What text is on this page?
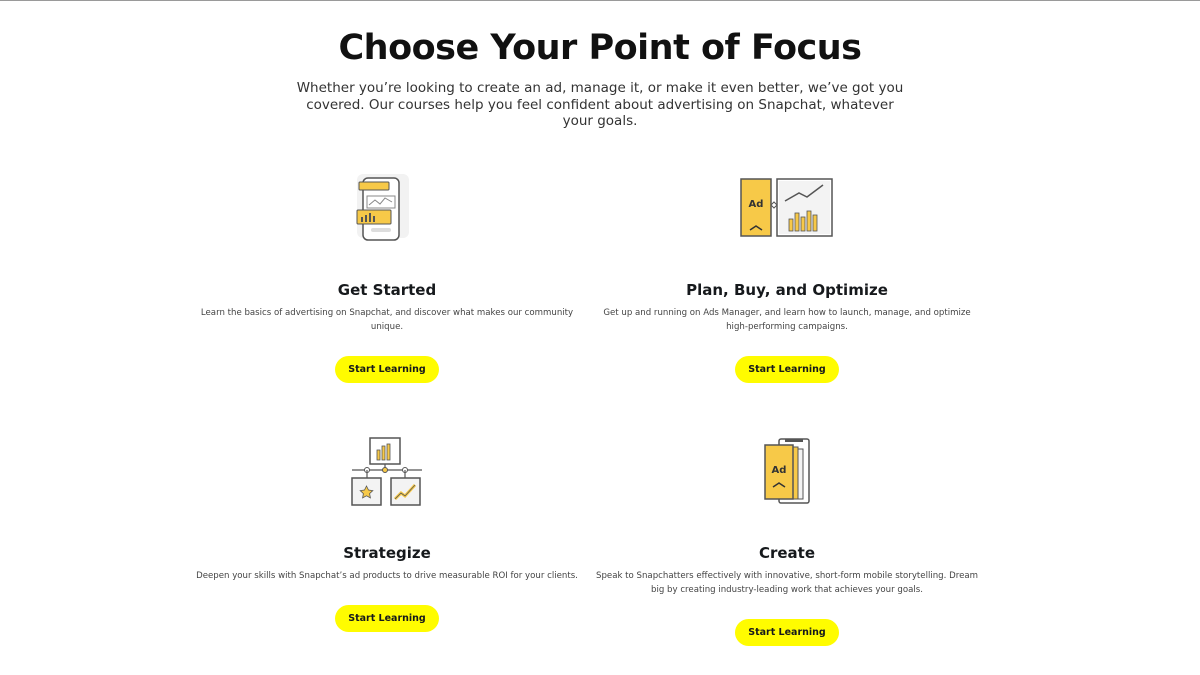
Choose Your Point of Focus

Whether you’re looking to create an ad, manage it, or make it even better, we’ve got you covered. Our courses help you feel confident about advertising on Snapchat, whatever your goals.

Get Started

Learn the basics of advertising on Snapchat, and discover what makes our community unique.

Start Learning
Ad
Plan, Buy, and Optimize

Get up and running on Ads Manager, and learn how to launch, manage, and optimize high-performing campaigns.

Start Learning
Strategize

Deepen your skills with Snapchat’s ad products to drive measurable ROI for your clients.

Start Learning
Ad
Create

Speak to Snapchatters effectively with innovative, short-form mobile storytelling. Dream big by creating industry-leading work that achieves your goals.

Start Learning
